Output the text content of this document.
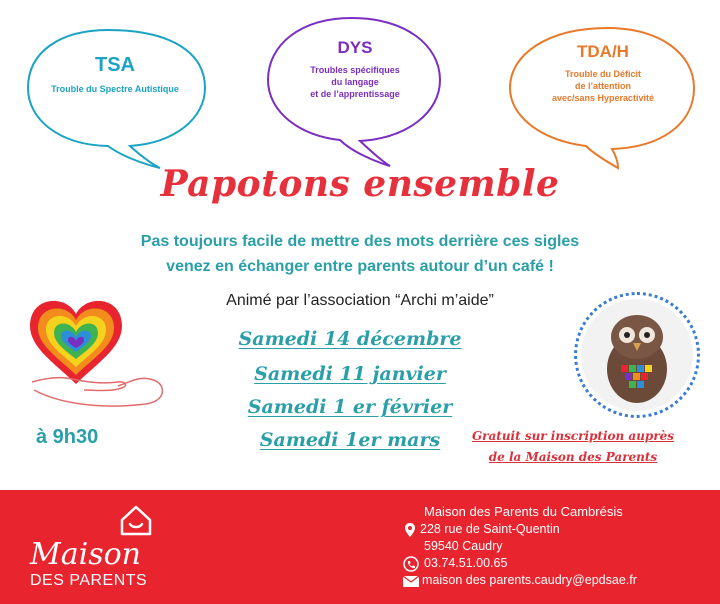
TSA
Trouble du Spectre Autistique
DYS
Troubles spécifiques
du langage
et de l’apprentissage
TDA/H
Trouble du Déficit
de l’attention
avec/sans Hyperactivité
Papotons ensemble
Pas toujours facile de mettre des mots derrière ces sigles
venez en échanger entre parents autour d’un café !
Animé par l’association “Archi m’aide”
Samedi 14 décembre
Samedi 11 janvier
Samedi 1 er février
Samedi 1er mars
à 9h30	Gratuit sur inscription auprès
de la Maison des Parents
Maison des Parents du Cambrésis
228 rue de Saint-Quentin
59540 Caudry
03.74.51.00.65
maison des parents.caudry@epdsae.fr
Maison
DES PARENTS
